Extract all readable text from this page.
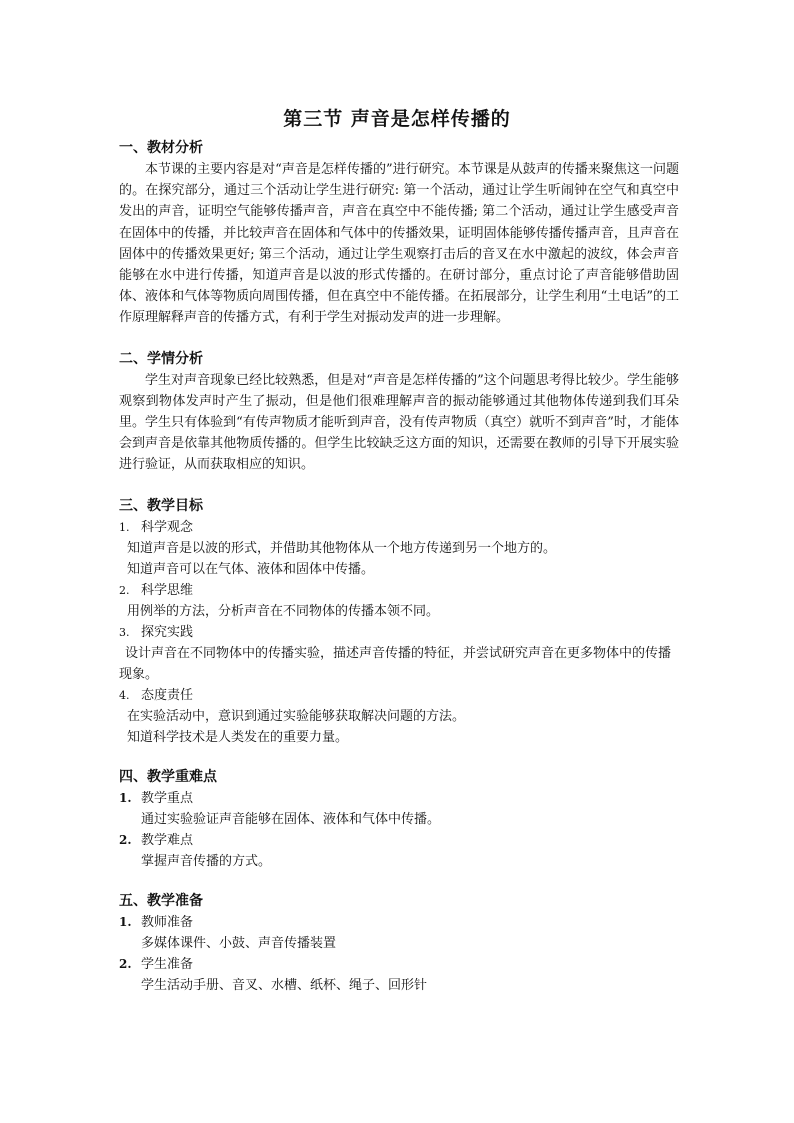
第三节 声音是怎样传播的

一、教材分析

本节课的主要内容是对“声音是怎样传播的”进行研究。本节课是从鼓声的传播来聚焦这一问题的。在探究部分，通过三个活动让学生进行研究: 第一个活动，通过让学生听闹钟在空气和真空中发出的声音，证明空气能够传播声音，声音在真空中不能传播; 第二个活动，通过让学生感受声音在固体中的传播，并比较声音在固体和气体中的传播效果，证明固体能够传播传播声音，且声音在固体中的传播效果更好; 第三个活动，通过让学生观察打击后的音叉在水中激起的波纹，体会声音能够在水中进行传播，知道声音是以波的形式传播的。在研讨部分，重点讨论了声音能够借助固体、液体和气体等物质向周围传播，但在真空中不能传播。在拓展部分，让学生利用“土电话”的工作原理解释声音的传播方式，有利于学生对振动发声的进一步理解。

二、学情分析

学生对声音现象已经比较熟悉，但是对“声音是怎样传播的”这个问题思考得比较少。学生能够观察到物体发声时产生了振动，但是他们很难理解声音的振动能够通过其他物体传递到我们耳朵里。学生只有体验到“有传声物质才能听到声音，没有传声物质（真空）就听不到声音”时，才能体会到声音是依靠其他物质传播的。但学生比较缺乏这方面的知识，还需要在教师的引导下开展实验进行验证，从而获取相应的知识。

三、教学目标

1. 科学观念

知道声音是以波的形式，并借助其他物体从一个地方传递到另一个地方的。

知道声音可以在气体、液体和固体中传播。

2. 科学思维

用例举的方法，分析声音在不同物体的传播本领不同。

3. 探究实践

设计声音在不同物体中的传播实验，描述声音传播的特征，并尝试研究声音在更多物体中的传播现象。

4. 态度责任

在实验活动中，意识到通过实验能够获取解决问题的方法。

知道科学技术是人类发在的重要力量。

四、教学重难点

1. 教学重点

通过实验验证声音能够在固体、液体和气体中传播。

2. 教学难点

掌握声音传播的方式。

五、教学准备

1. 教师准备

多媒体课件、小鼓、声音传播装置

2. 学生准备

学生活动手册、音叉、水槽、纸杯、绳子、回形针
